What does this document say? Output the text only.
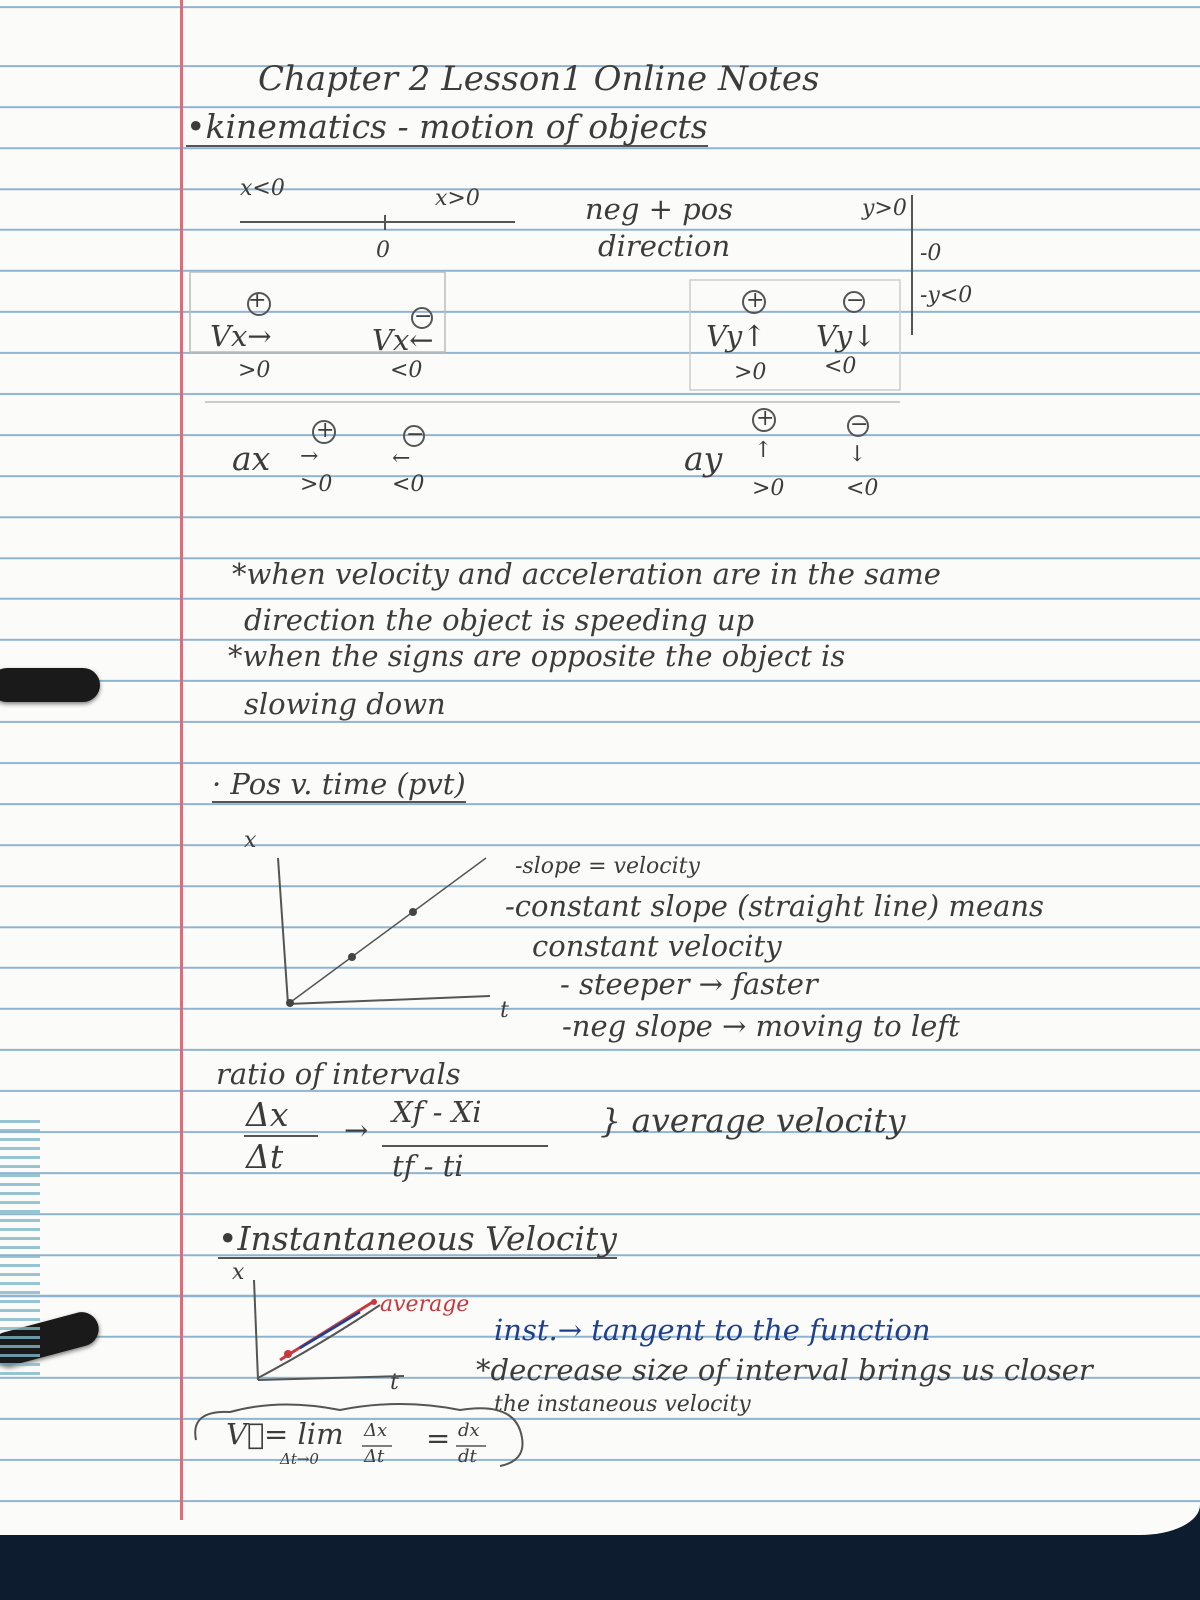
Chapter 2 Lesson1 Online Notes
•kinematics - motion of objects
x<0	x>0
0
neg + pos
direction
y>0
-0
-y<0
+
Vx→
>0
−
Vx←
<0
+
Vy↑
>0
−
Vy↓
<0
ax
+
→
>0
−
←
<0
ay
+
↑
>0
−
↓
<0
*when velocity and acceleration are in the same
direction the object is speeding up
*when the signs are opposite the object is
slowing down
· Pos v. time (pvt)
x
t
-slope = velocity
-constant slope (straight line) means
constant velocity
- steeper → faster
-neg slope → moving to left
ratio of intervals
Δx
Δt
→
Xf - Xi
tf - ti
} average velocity
•Instantaneous Velocity
x
t
average
inst.→ tangent to the function
*decrease size of interval brings us closer
the instaneous velocity
V⃗ = lim
Δt→0
Δx
Δt
= dx
dt
